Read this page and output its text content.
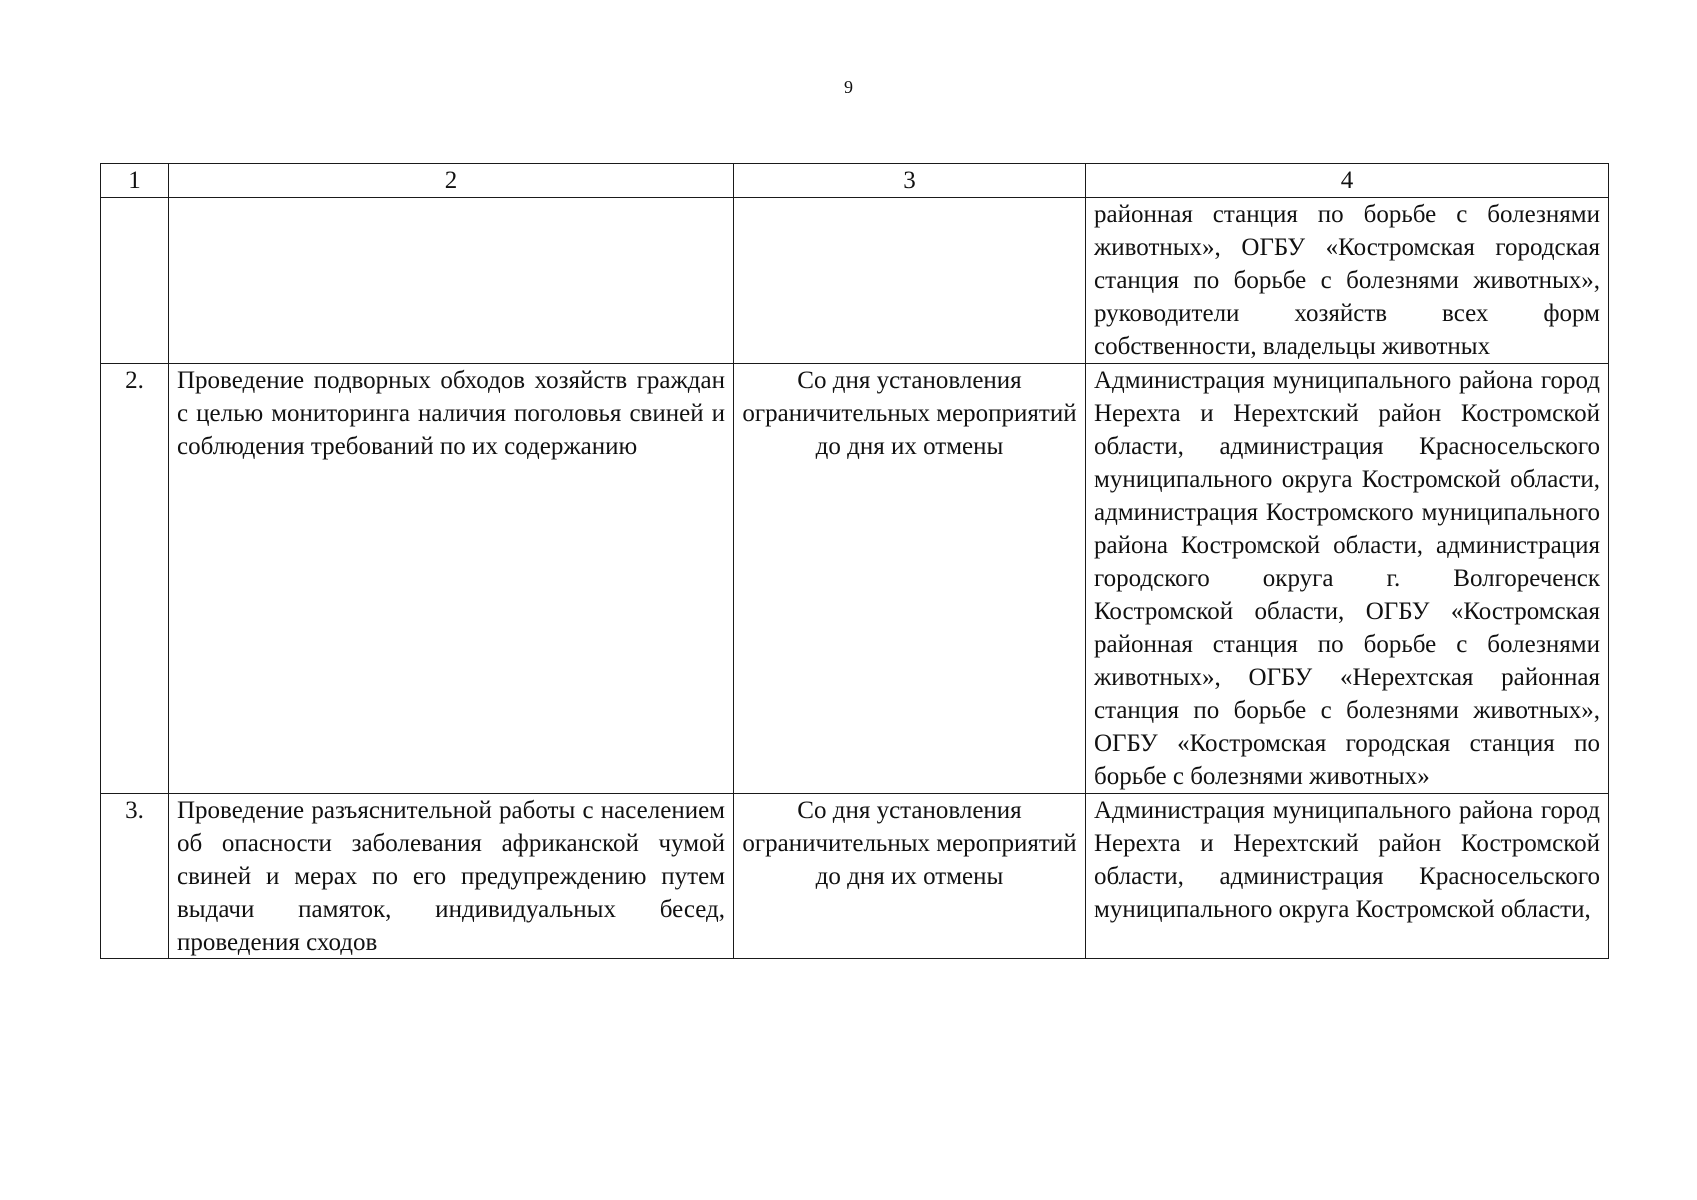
9
1	2	3	4
			районная станция по борьбе с болезнями животных», ОГБУ «Костромская городская станция по борьбе с болезнями животных», руководители хозяйств всех форм собственности, владельцы животных
2.	Проведение подворных обходов хозяйств граждан с целью мониторинга наличия поголовья свиней и соблюдения требований по их содержанию	Со дня установления ограничительных мероприятий до дня их отмены	Администрация муниципального района город Нерехта и Нерехтский район Костромской области, администрация Красносельского муниципального округа Костромской области, администрация Костромского муниципального района Костромской области, администрация городского округа г. Волгореченск Костромской области, ОГБУ «Костромская районная станция по борьбе с болезнями животных», ОГБУ «Нерехтская районная станция по борьбе с болезнями животных», ОГБУ «Костромская городская станция по борьбе с болезнями животных»

3.	Проведение разъяснительной работы с населением об опасности заболевания африканской чумой свиней и мерах по его предупреждению путем выдачи памяток, индивидуальных бесед, проведения сходов	Со дня установления ограничительных мероприятий до дня их отмены	Администрация муниципального района город Нерехта и Нерехтский район Костромской области, администрация Красносельского муниципального округа Костромской области,
